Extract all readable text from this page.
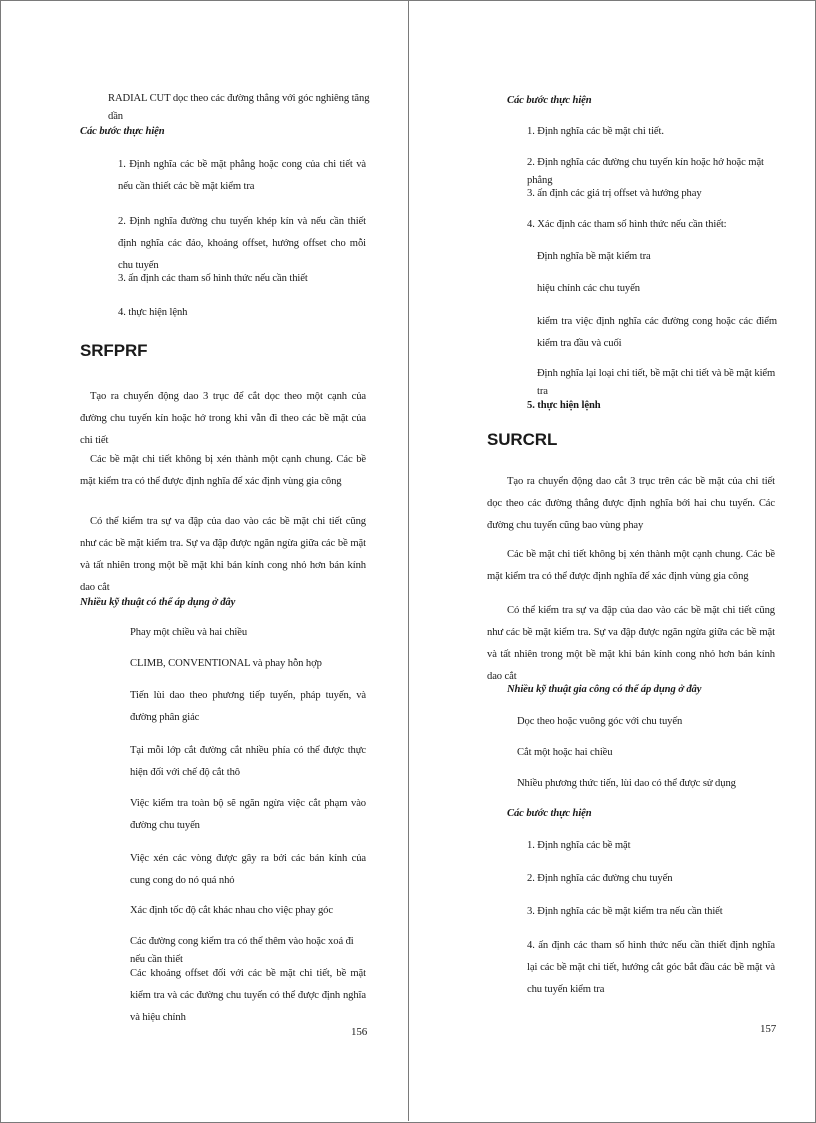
RADIAL CUT dọc theo các đường thẳng với góc nghiêng tăng dần

Các bước thực hiện

1. Định nghĩa các bề mặt phẳng hoặc cong của chi tiết và nếu cần thiết các bề mặt kiểm tra

2. Định nghĩa đường chu tuyến khép kín và nếu cần thiết định nghĩa các đảo, khoảng offset, hướng offset cho mỗi chu tuyến

3. ấn định các tham số hình thức nếu cần thiết

4. thực hiện lệnh

SRFPRF

Tạo ra chuyển động dao 3 trục để cắt dọc theo một cạnh của đường chu tuyến kín hoặc hở trong khi vẫn đi theo các bề mặt của chi tiết

Các bề mặt chi tiết không bị xén thành một cạnh chung. Các bề mặt kiểm tra có thể được định nghĩa để xác định vùng gia công

Có thể kiểm tra sự va đập của dao vào các bề mặt chi tiết cũng như các bề mặt kiểm tra. Sự va đập được ngăn ngừa giữa các bề mặt và tất nhiên trong một bề mặt khi bán kính cong nhỏ hơn bán kính dao cắt

Nhiều kỹ thuật có thể áp dụng ở đây

Phay một chiều và hai chiều

CLIMB, CONVENTIONAL và phay hỗn hợp

Tiến lùi dao theo phương tiếp tuyến, pháp tuyến, và đường phân giác

Tại mỗi lớp cắt đường cắt nhiều phía có thể được thực hiện đối với chế độ cắt thô

Việc kiểm tra toàn bộ sẽ ngăn ngừa việc cắt phạm vào đường chu tuyến

Việc xén các vòng được gây ra bởi các bán kính của cung cong do nó quá nhỏ

Xác định tốc độ cắt khác nhau cho việc phay góc

Các đường cong kiểm tra có thể thêm vào hoặc xoá đi nếu cần thiết

Các khoảng offset đối với các bề mặt chi tiết, bề mặt kiểm tra và các đường chu tuyến có thể được định nghĩa và hiệu chỉnh

156

Các bước thực hiện

1. Định nghĩa các bề mặt chi tiết.

2. Định nghĩa các đường chu tuyến kín hoặc hở hoặc mặt phẳng

3. ấn định các giá trị offset và hướng phay

4. Xác định các tham số hình thức nếu cần thiết:

Định nghĩa bề mặt kiểm tra

hiệu chỉnh các chu tuyến

kiểm tra việc định nghĩa các đường cong hoặc các điểm kiểm tra đầu và cuối

Định nghĩa lại loại chi tiết, bề mặt chi tiết và bề mặt kiểm tra

5. thực hiện lệnh

SURCRL

Tạo ra chuyển động dao cắt 3 trục trên các bề mặt của chi tiết dọc theo các đường thẳng được định nghĩa bởi hai chu tuyến. Các đường chu tuyến cũng bao vùng phay

Các bề mặt chi tiết không bị xén thành một cạnh chung. Các bề mặt kiểm tra có thể được định nghĩa để xác định vùng gia công

Có thể kiểm tra sự va đập của dao vào các bề mặt chi tiết cũng như các bề mặt kiểm tra. Sự va đập được ngăn ngừa giữa các bề mặt và tất nhiên trong một bề mặt khi bán kính cong nhỏ hơn bán kính dao cắt

Nhiều kỹ thuật gia công có thể áp dụng ở đây

Dọc theo hoặc vuông góc với chu tuyến

Cắt một hoặc hai chiều

Nhiều phương thức tiến, lùi dao có thể được sử dụng

Các bước thực hiện

1. Định nghĩa các bề mặt

2. Định nghĩa các đường chu tuyến

3. Định nghĩa các bề mặt kiểm tra nếu cần thiết

4. ấn định các tham số hình thức nếu cần thiết định nghĩa lại các bề mặt chi tiết, hướng cắt góc bắt đầu các bề mặt và chu tuyến kiểm tra

157
